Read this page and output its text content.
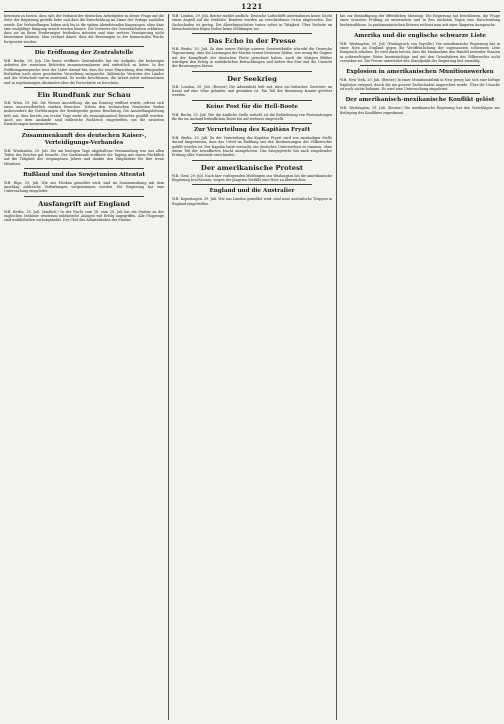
1221
beweisen zu lassen, dass sich der Verband der deutschen Arbeitgeber in dieser Frage auf die Seite der Regierung gestellt habe und dass die Entscheidung im Sinne der Vorlage ausfallen werde. Die Verhandlungen haben sich bis in die späten Abendstunden hingezogen, ohne dass eine endgültige Einigung erzielt werden konnte. Die Vertreter der Gewerkschaften erklärten, dass sie an ihren Forderungen festhalten müssten und eine weitere Verzögerung nicht hinnehmen könnten. Man rechnet damit, dass die Beratungen in der kommenden Woche fortgesetzt werden.
Die Eröffnung der Zentralstelle
W.B. Berlin, 29. Juli. Die heute eröffnete Zentralstelle hat die Aufgabe, die bisherigen Arbeiten der einzelnen Behörden zusammenzufassen und einheitlich zu leiten. In der Eröffnungsansprache wies der Leiter darauf hin, dass die neue Einrichtung dem dringenden Bedürfnis nach einer geordneten Verwaltung entspreche. Zahlreiche Vertreter der Länder und der Wirtschaft waren anwesend. Es wurde beschlossen, die Arbeit sofort aufzunehmen und in regelmässigen Abständen über die Fortschritte zu berichten.
Ein Rundfunk zur Schau
W.B. Wien, 29. Juli. Die Wiener Ausstellung, die am Sonntag eröffnet wurde, erfreut sich eines ausserordentlich starken Besuches. Neben den technischen Neuheiten finden insbesondere die Vorführungen der Sendegeräte grosse Beachtung. Die Ausstellungsleitung teilt mit, dass bereits am ersten Tage mehr als zwanzigtausend Besucher gezählt wurden. Auch aus dem Auslande sind zahlreiche Fachleute eingetroffen, um die neuesten Einrichtungen kennenzulernen.
Zusammenkunft des deutschen Kaiser-, Verteidigungs-Verbandes
W.B. Wiesbaden, 29. Juli. Die am heutigen Tage abgehaltene Versammlung war aus allen Teilen des Reiches gut besucht. Der Vorsitzende eröffnete die Tagung mit einem Rückblick auf die Tätigkeit des vergangenen Jahres und dankte den Mitgliedern für ihre treue Mitarbeit.
Rußland und das Sowjetunion Attentat
W.B. Riga, 29. Juli. Wie aus Moskau gemeldet wird, sind im Zusammenhang mit dem Anschlag zahlreiche Verhaftungen vorgenommen worden. Die Regierung hat eine Untersuchung eingeleitet.
Ausfangrift auf England
W.B. Berlin, 29. Juli. (Amtlich.) In der Nacht vom 28. zum 29. Juli hat die Marine an der englischen Ostküste wiederum militärische Anlagen mit Erfolg angegriffen. Alle Flugzeuge sind wohlbehalten zurückgekehrt. Der Chef des Admiralstabes der Marine.
W.B. London, 29. Juli. Reuter meldet amtlich: Deutsche Luftschiffe unternahmen heute Nacht einen Angriff auf die Ostküste. Bomben wurden an verschiedenen Orten abgeworfen. Der Sachschaden ist gering. Die Abwehrgeschütze traten sofort in Tätigkeit. Über Verluste an Menschenleben liegen bisher keine Meldungen vor.
Das Echo in der Presse
W.B. Berlin, 29. Juli. Zu dem neuen Erfolge unserer Seestreitkräfte schreibt die Deutsche Tageszeitung, dass die Leistungen der Marine erneut bewiesen hätten, wie wenig die Gegner mit der Kampfkraft der deutschen Flotte gerechnet haben. Auch die übrigen Blätter würdigen den Erfolg in ausführlichen Betrachtungen und heben den Mut und die Umsicht der Besatzungen hervor.
Der Seekrieg
W.B. London, 29. Juli. (Reuter.) Die Admiralität teilt mit, dass ein britischer Zerstörer im Kanal auf eine Mine gelaufen und gesunken ist. Ein Teil der Besatzung konnte gerettet werden.
Keine Post für die Hell-Boote
W.B. Berlin, 29. Juli. Wie die Amtliche Stelle mitteilt, ist die Beförderung von Postsendungen für die im Ausland befindlichen Boote bis auf weiteres eingestellt.
Zur Verurteilung des Kapitäns Fryatt
W.B. Berlin, 29. Juli. Zu der Verurteilung des Kapitäns Fryatt wird von zuständiger Stelle darauf hingewiesen, dass das Urteil im Einklang mit den Bestimmungen des Völkerrechts gefällt worden ist. Der Kapitän hatte versucht, ein deutsches Unterseeboot zu rammen, ohne einem Teil der bewaffneten Macht anzugehören. Das Kriegsgericht hat nach eingehender Prüfung aller Umstände entschieden.
Der amerikanische Protest
W.B. Genf, 29. Juli. Nach hier vorliegenden Meldungen aus Washington hat die amerikanische Regierung beschlossen, wegen der jüngsten Vorfälle eine Note zu überreichen.
England und die Australier
W.B. Kopenhagen, 29. Juli. Wie aus London gemeldet wird, sind neue australische Truppen in England eingetroffen.
hin zur Besänftigung der öffentlichen Meinung. Die Regierung hat beschlossen, die Frage einer erneuten Prüfung zu unterziehen und in den nächsten Tagen eine Entscheidung herbeizuführen. In parlamentarischen Kreisen rechnet man mit einer längeren Aussprache.
Amerika und die englische schwarze Liste
W.B. Washington, 29. Juli. (Funkspruch von Sayville.) Die amerikanische Regierung hat in einer Note an England gegen die Veröffentlichung der sogenannten schwarzen Liste Einspruch erhoben. Es wird darin betont, dass die Massnahme den Handel neutraler Staaten in unberechtigter Weise beeinträchtige und mit den Grundsätzen des Völkerrechts nicht vereinbar sei. Die Presse unterstützt den Standpunkt der Regierung fast einmütig.
Explosion in amerikanischen Munitionswerken
W.B. New York, 29. Juli. (Reuter.) In einer Munitionsfabrik in New Jersey hat sich eine heftige Explosion ereignet, durch die ein grosser Sachschaden angerichtet wurde. Über die Ursache ist noch nichts bekannt. Es wird eine Untersuchung eingeleitet.
Der amerikanisch-mexikanische Konflikt gelöst
W.B. Washington, 29. Juli. (Reuter.) Die mexikanische Regierung hat den Vorschlägen zur Beilegung des Konfliktes zugestimmt.
